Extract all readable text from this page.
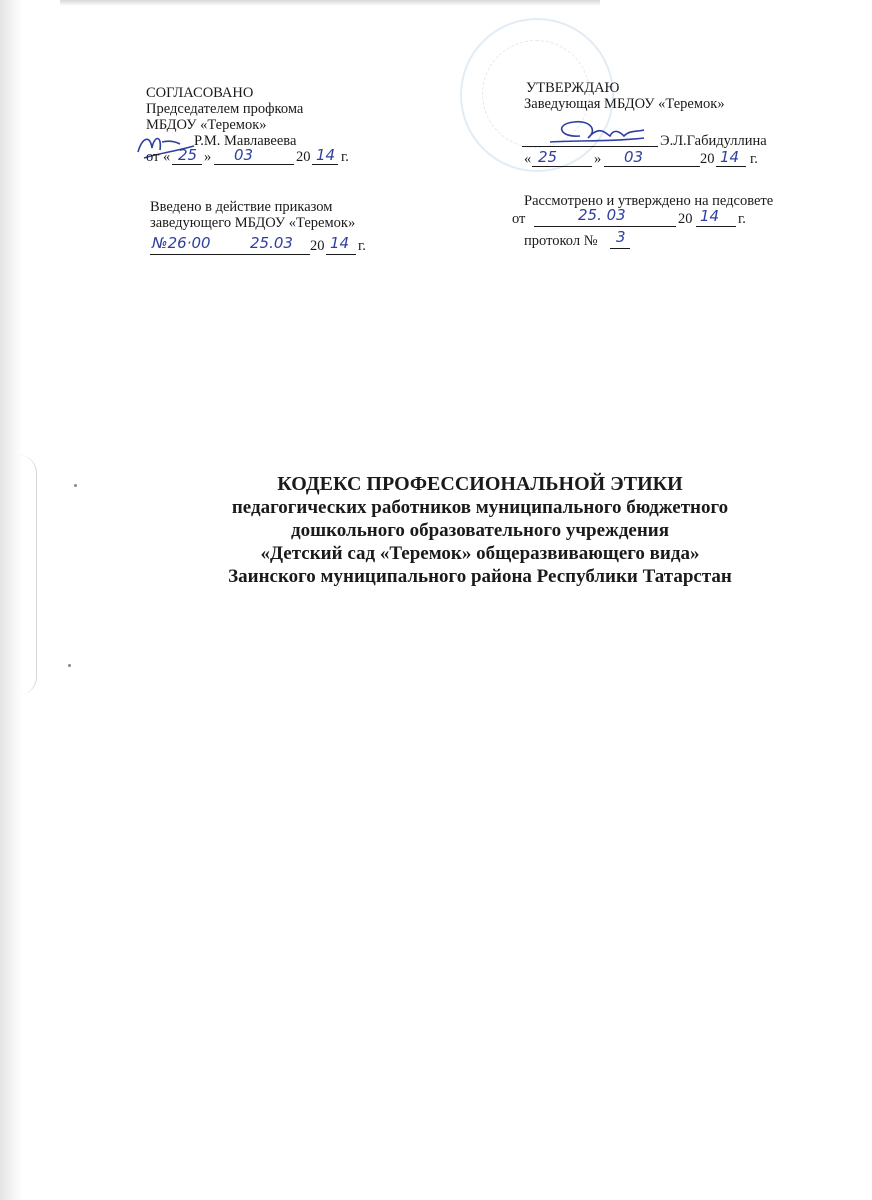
СОГЛАСОВАНО
Председателем профкома
МБДОУ «Теремок»
Р.М. Мавлавеева
от « 25 » 03	20 14 г.
Введено в действие приказом
заведующего МБДОУ «Теремок»
№26·00	25.03 20 14 г.
УТВЕРЖДАЮ
Заведующая МБДОУ «Теремок»
Э.Л.Габидуллина
« 25	» 03	20 14 г.
Рассмотрено и утверждено на педсовете
от	25. 03	20 14 г.
протокол № 3
КОДЕКС ПРОФЕССИОНАЛЬНОЙ ЭТИКИ
педагогических работников муниципального бюджетного
дошкольного образовательного учреждения
«Детский сад «Теремок» общеразвивающего вида»
Заинского муниципального района Республики Татарстан
